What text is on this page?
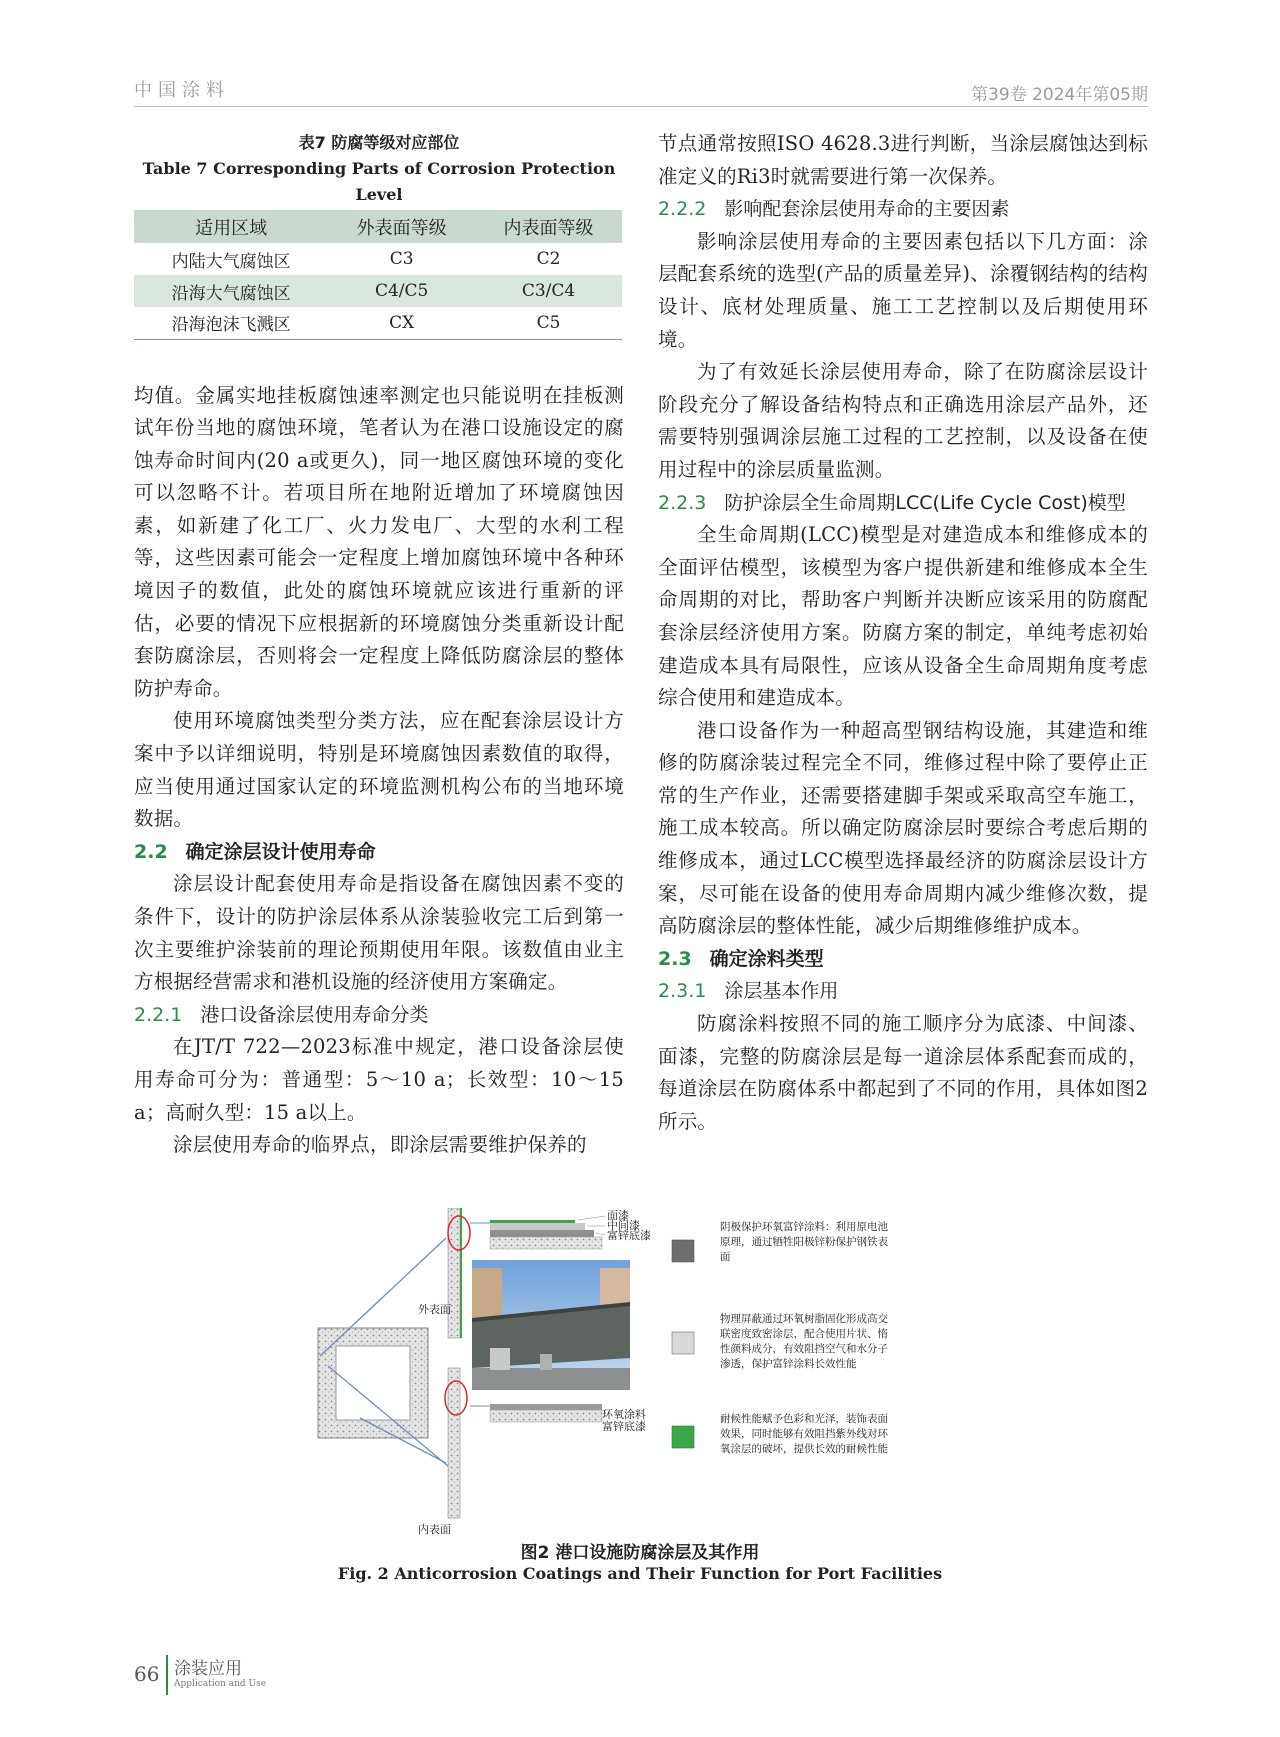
中国涂料	第39卷 2024年第05期
表7 防腐等级对应部位
Table 7 Corresponding Parts of Corrosion Protection Level
适用区域	外表面等级	内表面等级
内陆大气腐蚀区	C3	C2
沿海大气腐蚀区	C4/C5	C3/C4
沿海泡沫飞溅区	CX	C5
均值。金属实地挂板腐蚀速率测定也只能说明在挂板测试年份当地的腐蚀环境，笔者认为在港口设施设定的腐蚀寿命时间内(20 a或更久)，同一地区腐蚀环境的变化可以忽略不计。若项目所在地附近增加了环境腐蚀因素，如新建了化工厂、火力发电厂、大型的水利工程等，这些因素可能会一定程度上增加腐蚀环境中各种环境因子的数值，此处的腐蚀环境就应该进行重新的评估，必要的情况下应根据新的环境腐蚀分类重新设计配套防腐涂层，否则将会一定程度上降低防腐涂层的整体防护寿命。
使用环境腐蚀类型分类方法，应在配套涂层设计方案中予以详细说明，特别是环境腐蚀因素数值的取得，应当使用通过国家认定的环境监测机构公布的当地环境数据。
2.2 确定涂层设计使用寿命
涂层设计配套使用寿命是指设备在腐蚀因素不变的条件下，设计的防护涂层体系从涂装验收完工后到第一次主要维护涂装前的理论预期使用年限。该数值由业主方根据经营需求和港机设施的经济使用方案确定。
2.2.1 港口设备涂层使用寿命分类
在JT/T 722—2023标准中规定，港口设备涂层使用寿命可分为：普通型：5～10 a；长效型：10～15 a；高耐久型：15 a以上。
涂层使用寿命的临界点，即涂层需要维护保养的
节点通常按照ISO 4628.3进行判断，当涂层腐蚀达到标准定义的Ri3时就需要进行第一次保养。
2.2.2 影响配套涂层使用寿命的主要因素
影响涂层使用寿命的主要因素包括以下几方面：涂层配套系统的选型(产品的质量差异)、涂覆钢结构的结构设计、底材处理质量、施工工艺控制以及后期使用环境。
为了有效延长涂层使用寿命，除了在防腐涂层设计阶段充分了解设备结构特点和正确选用涂层产品外，还需要特别强调涂层施工过程的工艺控制，以及设备在使用过程中的涂层质量监测。
2.2.3 防护涂层全生命周期LCC(Life Cycle Cost)模型
全生命周期(LCC)模型是对建造成本和维修成本的全面评估模型，该模型为客户提供新建和维修成本全生命周期的对比，帮助客户判断并决断应该采用的防腐配套涂层经济使用方案。防腐方案的制定，单纯考虑初始建造成本具有局限性，应该从设备全生命周期角度考虑综合使用和建造成本。
港口设备作为一种超高型钢结构设施，其建造和维修的防腐涂装过程完全不同，维修过程中除了要停止正常的生产作业，还需要搭建脚手架或采取高空车施工，施工成本较高。所以确定防腐涂层时要综合考虑后期的维修成本，通过LCC模型选择最经济的防腐涂层设计方案，尽可能在设备的使用寿命周期内减少维修次数，提高防腐涂层的整体性能，减少后期维修维护成本。
2.3 确定涂料类型
2.3.1 涂层基本作用
防腐涂料按照不同的施工顺序分为底漆、中间漆、面漆，完整的防腐涂层是每一道涂层体系配套而成的，每道涂层在防腐体系中都起到了不同的作用，具体如图2所示。
外表面
内表面
面漆
中间漆
富锌底漆
环氧涂料
富锌底漆
阴极保护环氧富锌涂料：利用原电池原理，通过牺牲阳极锌粉保护钢铁表面
物理屏蔽通过环氧树脂固化形成高交联密度致密涂层，配合使用片状、惰性颜料成分，有效阻挡空气和水分子渗透，保护富锌涂料长效性能
耐候性能赋予色彩和光泽，装饰表面效果，同时能够有效阻挡紫外线对环氧涂层的破坏，提供长效的耐候性能
图2 港口设施防腐涂层及其作用
Fig. 2 Anticorrosion Coatings and Their Function for Port Facilities
66 涂装应用
Application and Use
